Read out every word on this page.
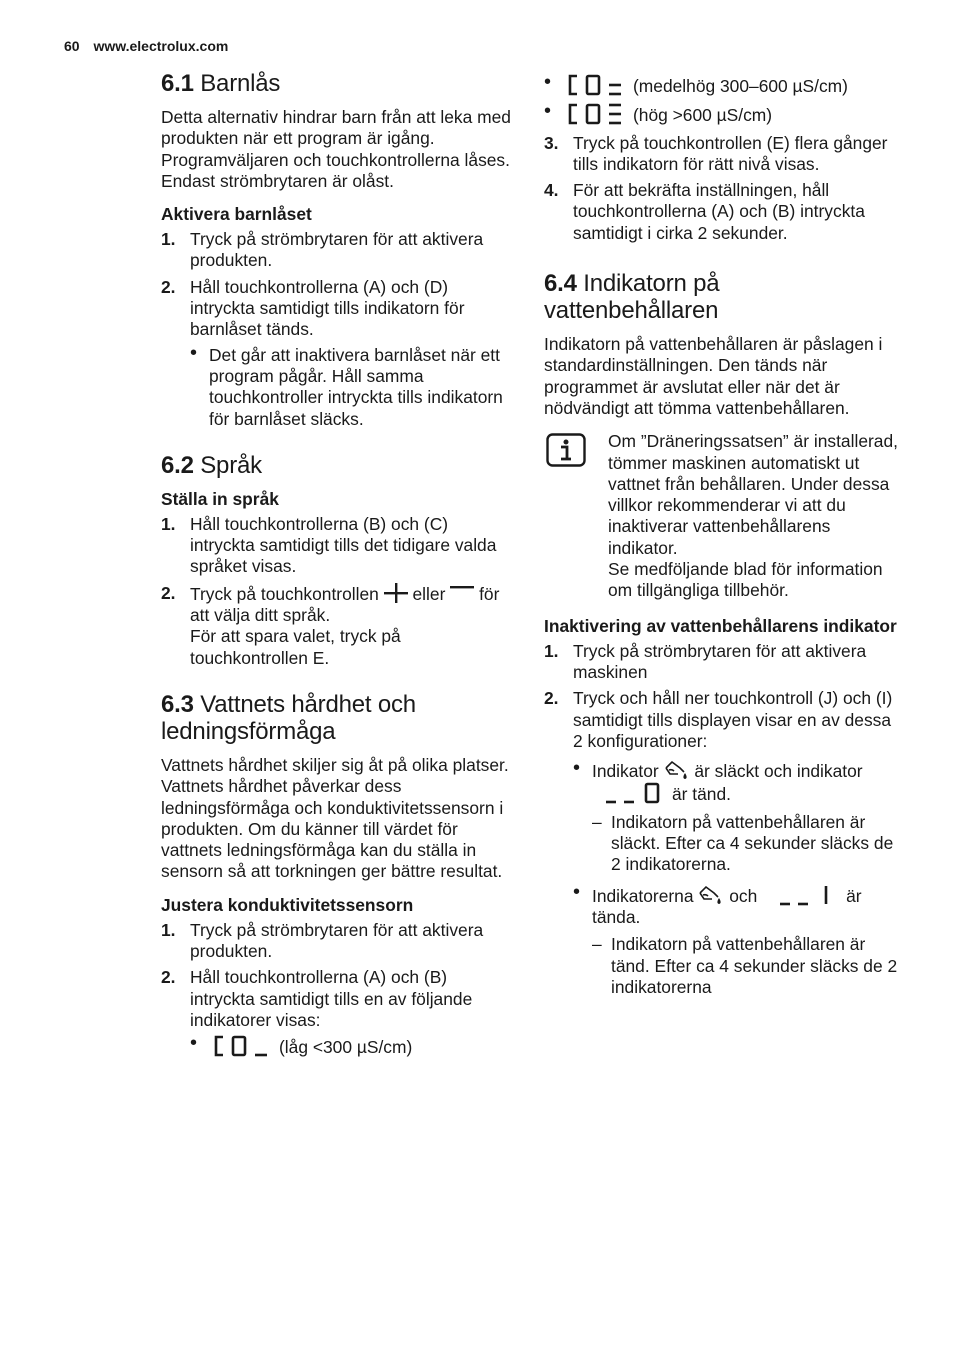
60 www.electrolux.com
6.1 Barnlås

Detta alternativ hindrar barn från att leka med produkten när ett program är igång. Programväljaren och touchkontrollerna låses. Endast strömbrytaren är olåst.

Aktivera barnlåset
1. Tryck på strömbrytaren för att aktivera produkten.
2. Håll touchkontrollerna (A) och (D) intryckta samtidigt tills indikatorn för barnlåset tänds.
• Det går att inaktivera barnlåset när ett program pågår. Håll samma touchkontroller intryckta tills indikatorn för barnlåset släcks.
6.2 Språk
Ställa in språk
1. Håll touchkontrollerna (B) och (C) intryckta samtidigt tills det tidigare valda språket visas.
2. Tryck på touchkontrollen eller för att välja ditt språk.
För att spara valet, tryck på touchkontrollen E.
6.3 Vattnets hårdhet och ledningsförmåga

Vattnets hårdhet skiljer sig åt på olika platser. Vattnets hårdhet påverkar dess ledningsförmåga och konduktivitetssensorn i produkten. Om du känner till värdet för vattnets ledningsförmåga kan du ställa in sensorn så att torkningen ger bättre resultat.

Justera konduktivitetssensorn
1. Tryck på strömbrytaren för att aktivera produkten.
2. Håll touchkontrollerna (A) och (B) intryckta samtidigt tills en av följande indikatorer visas:
• (låg <300 µS/cm)
• (medelhög 300–600 µS/cm)
• (hög >600 µS/cm)
3. Tryck på touchkontrollen (E) flera gånger tills indikatorn för rätt nivå visas.
4. För att bekräfta inställningen, håll touchkontrollerna (A) och (B) intryckta samtidigt i cirka 2 sekunder.
6.4 Indikatorn på vattenbehållaren

Indikatorn på vattenbehållaren är påslagen i standardinställningen. Den tänds när programmet är avslutat eller när det är nödvändigt att tömma vattenbehållaren.

Om ”Dräneringssatsen” är installerad, tömmer maskinen automatiskt ut vattnet från behållaren. Under dessa villkor rekommenderar vi att du inaktiverar vattenbehållarens indikator.

Se medföljande blad för information om tillgängliga tillbehör.

Inaktivering av vattenbehållarens indikator
1. Tryck på strömbrytaren för att aktivera maskinen
2. Tryck och håll ner touchkontroll (J) och (I) samtidigt tills displayen visar en av dessa 2 konfigurationer:
• Indikator är släckt och indikator
är tänd.
– Indikatorn på vattenbehållaren är släckt. Efter ca 4 sekunder släcks de 2 indikatorerna.
• Indikatorerna och	är tända.
– Indikatorn på vattenbehållaren är tänd. Efter ca 4 sekunder släcks de 2 indikatorerna
